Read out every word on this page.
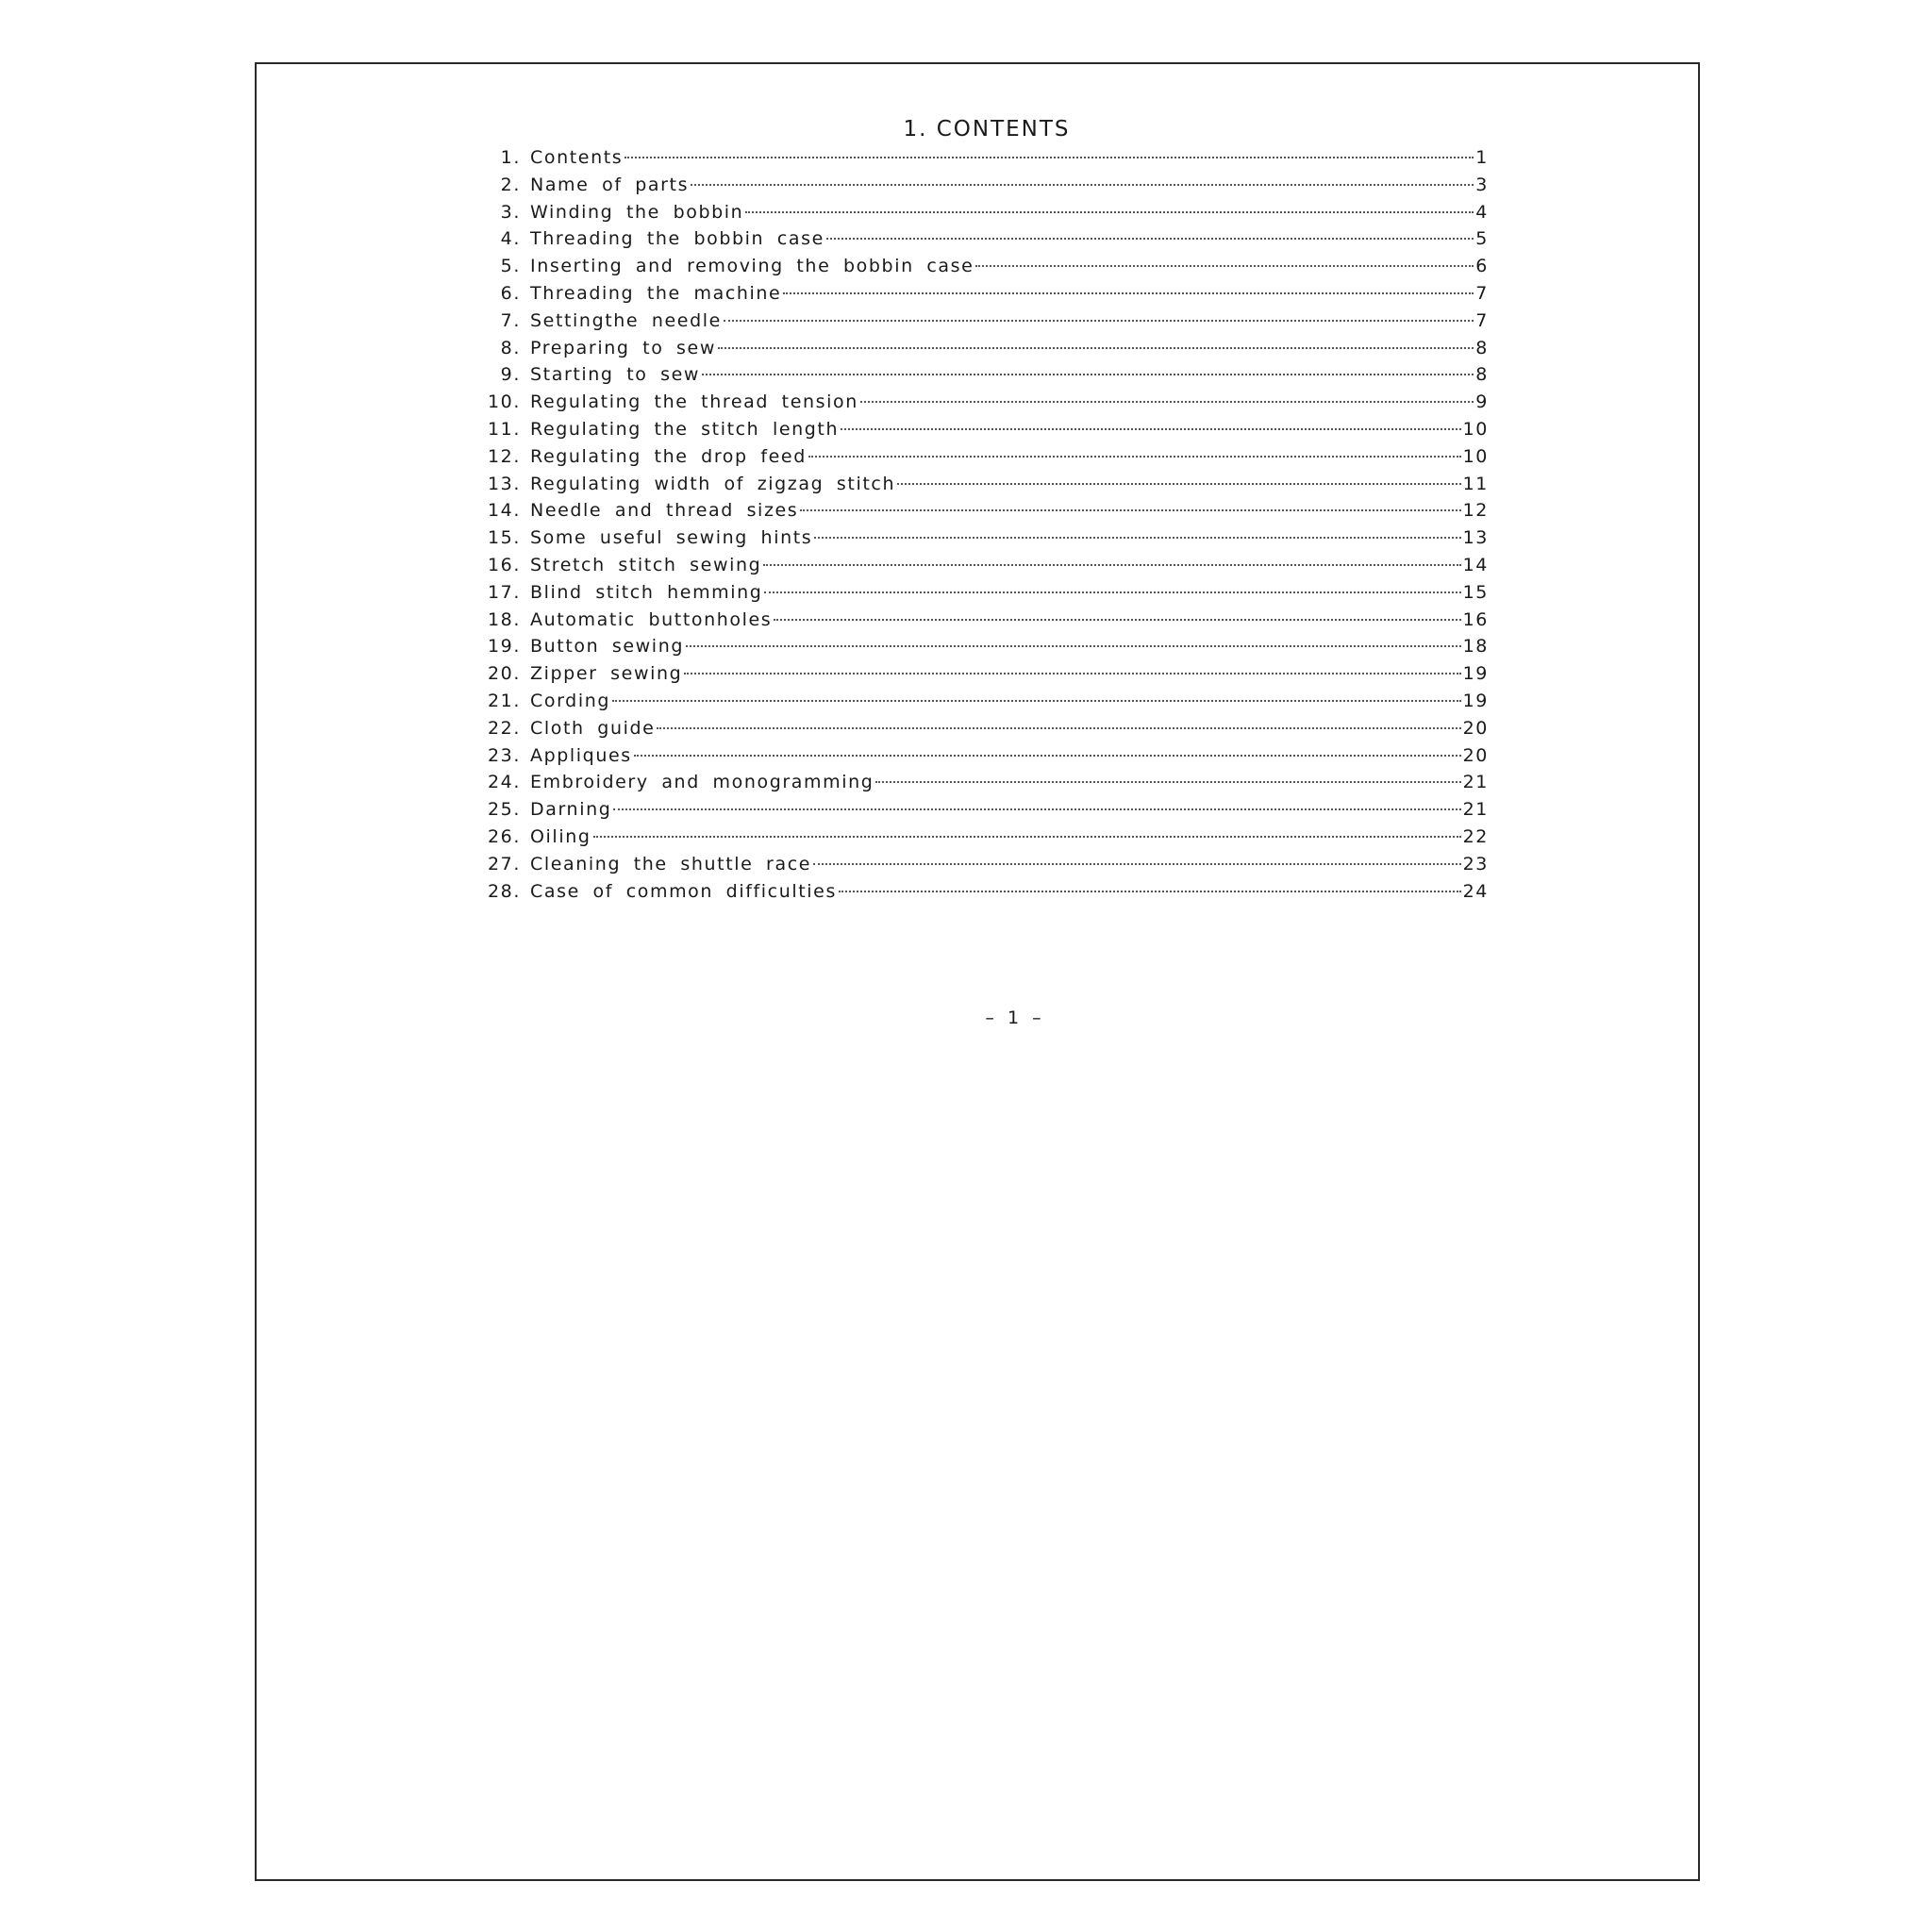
1. CONTENTS
1. Contents	1
2. Name of parts	3
3. Winding the bobbin	4
4. Threading the bobbin case	5
5. Inserting and removing the bobbin case	6
6. Threading the machine	7
7. Settingthe needle	7
8. Preparing to sew	8
9. Starting to sew	8
10. Regulating the thread tension	9
11. Regulating the stitch length	10
12. Regulating the drop feed	10
13. Regulating width of zigzag stitch	11
14. Needle and thread sizes	12
15. Some useful sewing hints	13
16. Stretch stitch sewing	14
17. Blind stitch hemming	15
18. Automatic buttonholes	16
19. Button sewing	18
20. Zipper sewing	19
21. Cording	19
22. Cloth guide	20
23. Appliques	20
24. Embroidery and monogramming	21
25. Darning	21
26. Oiling	22
27. Cleaning the shuttle race	23
28. Case of common difficulties	24
– 1 –
